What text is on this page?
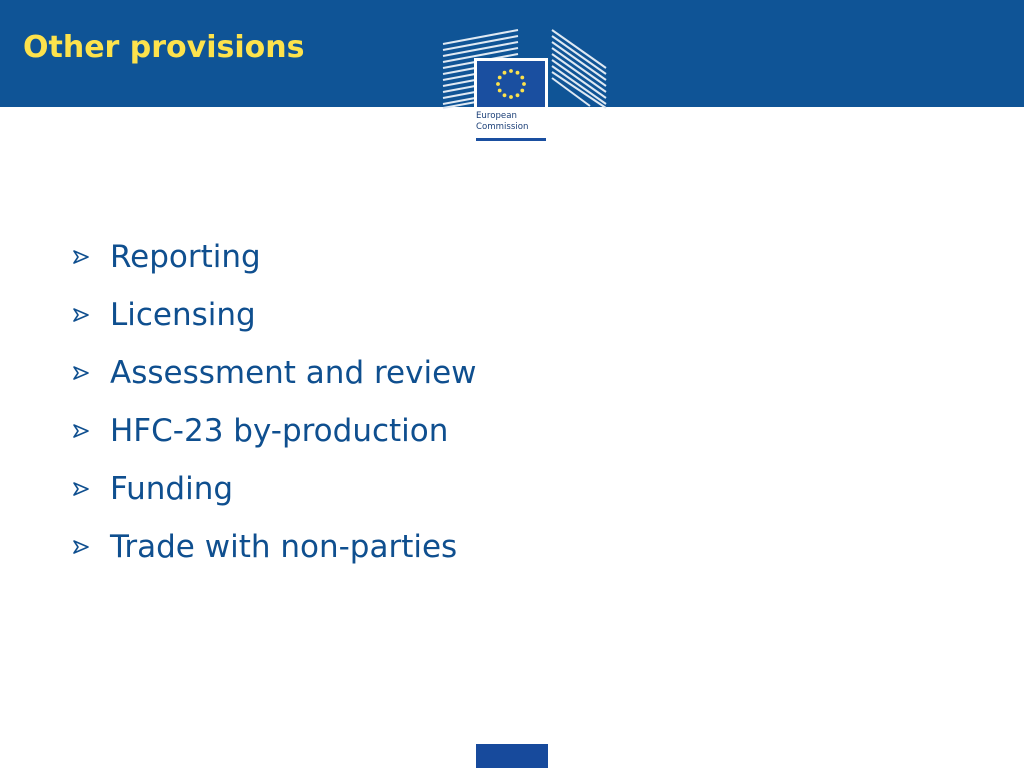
Other provisions
European
Commission
Reporting
Licensing
Assessment and review
HFC-23 by-production
Funding
Trade with non-parties
